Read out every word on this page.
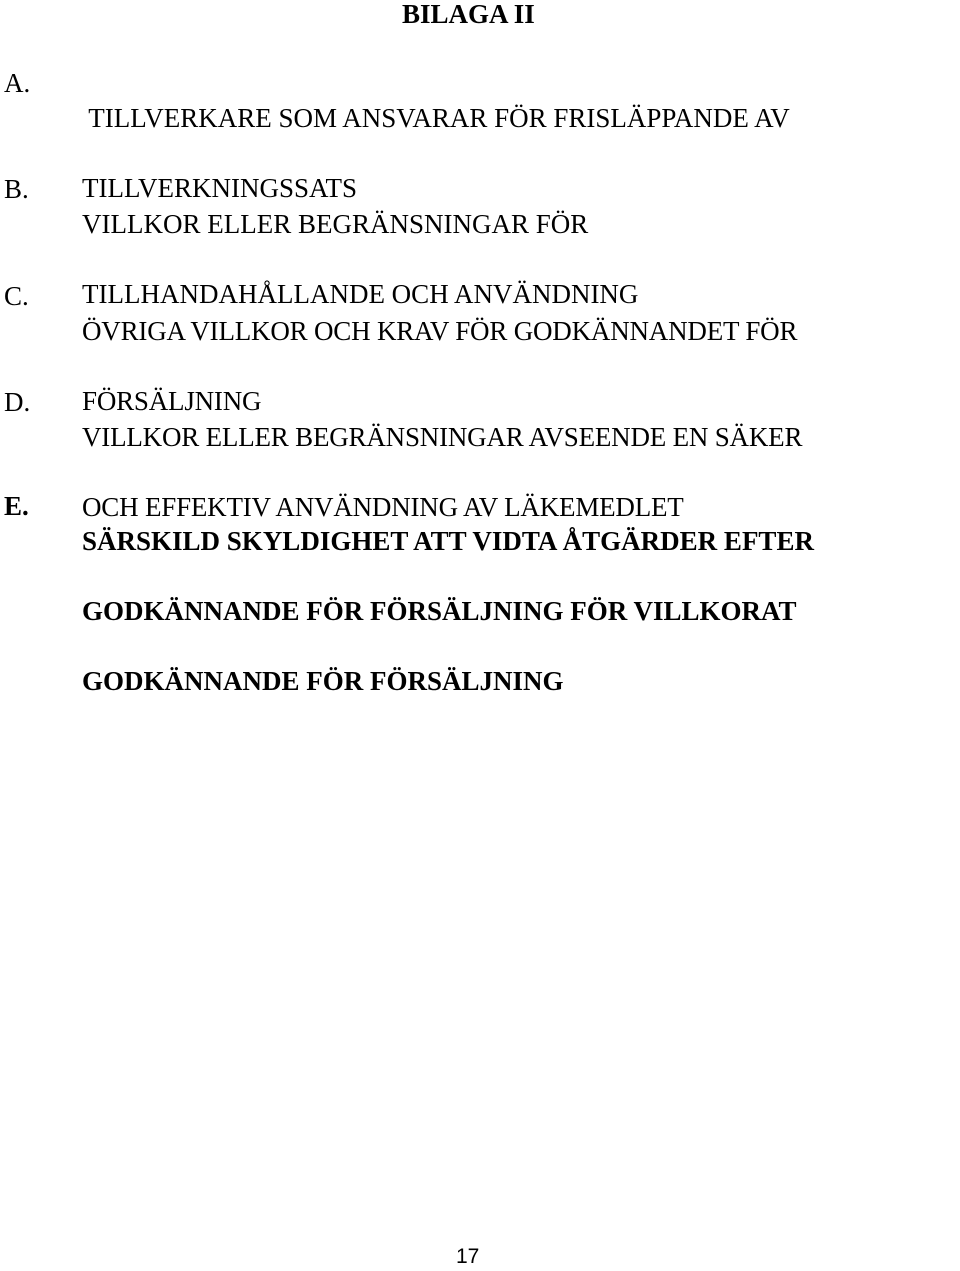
BILAGA II
A.

TILLVERKARE SOM ANSVARAR FÖR FRISLÄPPANDE AV

TILLVERKNINGSSATS

B.

VILLKOR ELLER BEGRÄNSNINGAR FÖR

TILLHANDAHÅLLANDE OCH ANVÄNDNING

C.

ÖVRIGA VILLKOR OCH KRAV FÖR GODKÄNNANDET FÖR

FÖRSÄLJNING

D.

VILLKOR ELLER BEGRÄNSNINGAR AVSEENDE EN SÄKER

OCH EFFEKTIV ANVÄNDNING AV LÄKEMEDLET

E.

SÄRSKILD SKYLDIGHET ATT VIDTA ÅTGÄRDER EFTER

GODKÄNNANDE FÖR FÖRSÄLJNING FÖR VILLKORAT

GODKÄNNANDE FÖR FÖRSÄLJNING

17
